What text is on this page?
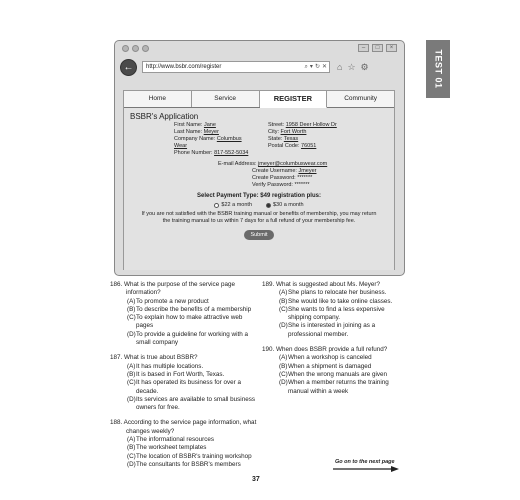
TEST 01
–	□	×
← http://www.bsbr.com/register	⌕ ▾ ↻ ✕ ⌂ ☆ ⚙
Home	Service	REGISTER	Community
BSBR's Application
First Name: Jane
Last Name: Meyer
Company Name: Columbus Wear
Phone Number: 817-552-5034
Street: 1958 Deer Hollow Dr
City: Fort Worth
State: Texas
Postal Code: 76051
E-mail Address: jmeyer@columbuswear.com
Create Username: Jmeyer
Create Password: *******
Verify Password: *******
Select Payment Type: $49 registration plus:
$22 a month	$30 a month
If you are not satisfied with the BSBR training manual or benefits of membership, you may return the training manual to us within 7 days for a full refund of your membership fee.
Submit
186. What is the purpose of the service page information?
(A)To promote a new product
(B)To describe the benefits of a membership
(C)To explain how to make attractive web pages
(D)To provide a guideline for working with a small company
187. What is true about BSBR?
(A)It has multiple locations.
(B)It is based in Fort Worth, Texas.
(C)It has operated its business for over a decade.
(D)Its services are available to small business owners for free.
188. According to the service page information, what changes weekly?
(A)The informational resources
(B)The worksheet templates
(C)The location of BSBR's training workshop
(D)The consultants for BSBR's members
189. What is suggested about Ms. Meyer?
(A)She plans to relocate her business.
(B)She would like to take online classes.
(C)She wants to find a less expensive shipping company.
(D)She is interested in joining as a professional member.
190. When does BSBR provide a full refund?
(A)When a workshop is canceled
(B)When a shipment is damaged
(C)When the wrong manuals are given
(D)When a member returns the training manual within a week
Go on to the next page
37
